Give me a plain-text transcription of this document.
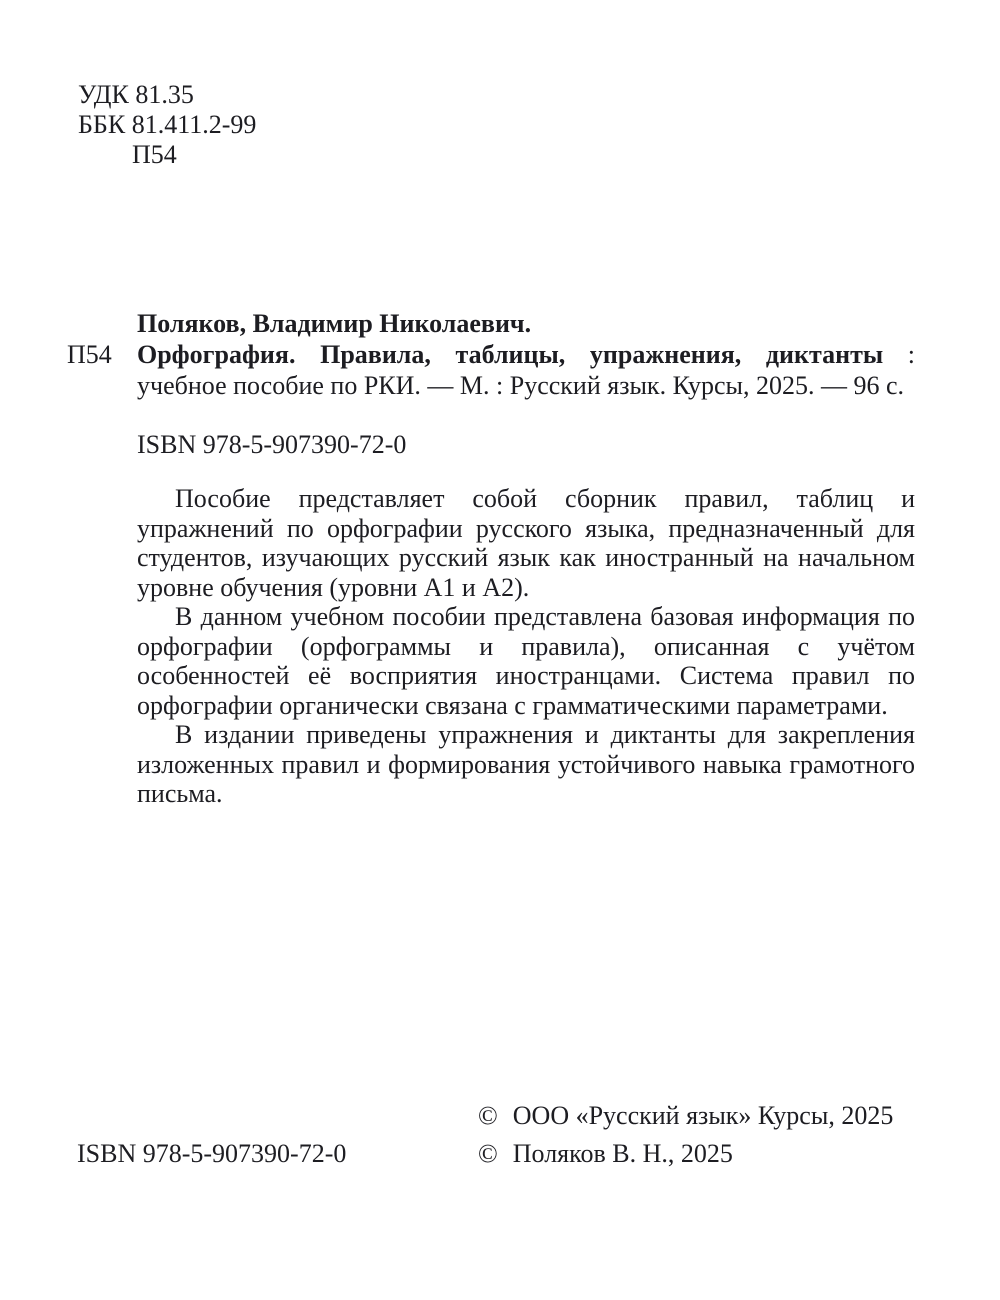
УДК 81.35
ББК 81.411.2-99
П54
Поляков, Владимир Николаевич.
П54 Орфография. Правила, таблицы, упражнения, диктанты : учебное пособие по РКИ. — М. : Русский язык. Курсы, 2025. — 96 с.
ISBN 978-5-907390-72-0

Пособие представляет собой сборник правил, таблиц и упражнений по орфографии русского языка, предназначенный для студентов, изучающих русский язык как иностранный на начальном уровне обучения (уровни А1 и А2).

В данном учебном пособии представлена базовая информация по орфографии (орфограммы и правила), описанная с учётом особенностей её восприятия иностранцами. Система правил по орфографии органически связана с грамматическими параметрами.

В издании приведены упражнения и диктанты для закрепления изложенных правил и формирования устойчивого навыка грамотного письма.

© ООО «Русский язык» Курсы, 2025
ISBN 978-5-907390-72-0	© Поляков В. Н., 2025
